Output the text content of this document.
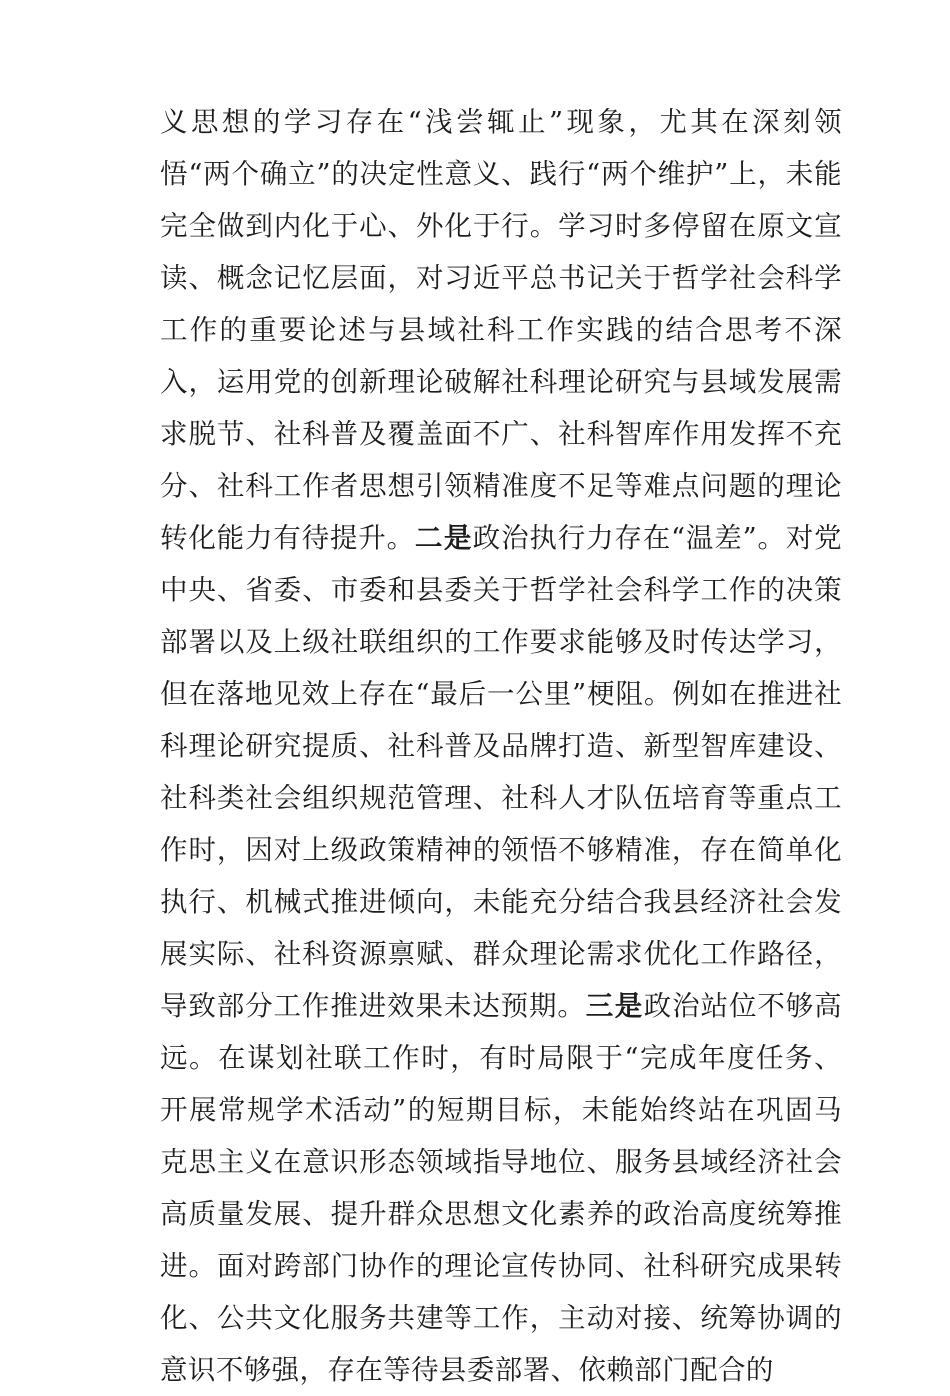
义思想的学习存在“浅尝辄止”现象，尤其在深刻领悟“两个确立”的决定性意义、践行“两个维护”上，未能完全做到内化于心、外化于行。学习时多停留在原文宣读、概念记忆层面，对习近平总书记关于哲学社会科学工作的重要论述与县域社科工作实践的结合思考不深入，运用党的创新理论破解社科理论研究与县域发展需求脱节、社科普及覆盖面不广、社科智库作用发挥不充分、社科工作者思想引领精准度不足等难点问题的理论转化能力有待提升。二是政治执行力存在“温差”。对党中央、省委、市委和县委关于哲学社会科学工作的决策部署以及上级社联组织的工作要求能够及时传达学习，但在落地见效上存在“最后一公里”梗阻。例如在推进社科理论研究提质、社科普及品牌打造、新型智库建设、社科类社会组织规范管理、社科人才队伍培育等重点工作时，因对上级政策精神的领悟不够精准，存在简单化执行、机械式推进倾向，未能充分结合我县经济社会发展实际、社科资源禀赋、群众理论需求优化工作路径，导致部分工作推进效果未达预期。三是政治站位不够高远。在谋划社联工作时，有时局限于“完成年度任务、开展常规学术活动”的短期目标，未能始终站在巩固马克思主义在意识形态领域指导地位、服务县域经济社会高质量发展、提升群众思想文化素养的政治高度统筹推进。面对跨部门协作的理论宣传协同、社科研究成果转化、公共文化服务共建等工作，主动对接、统筹协调的意识不够强，存在等待县委部署、依赖部门配合的
